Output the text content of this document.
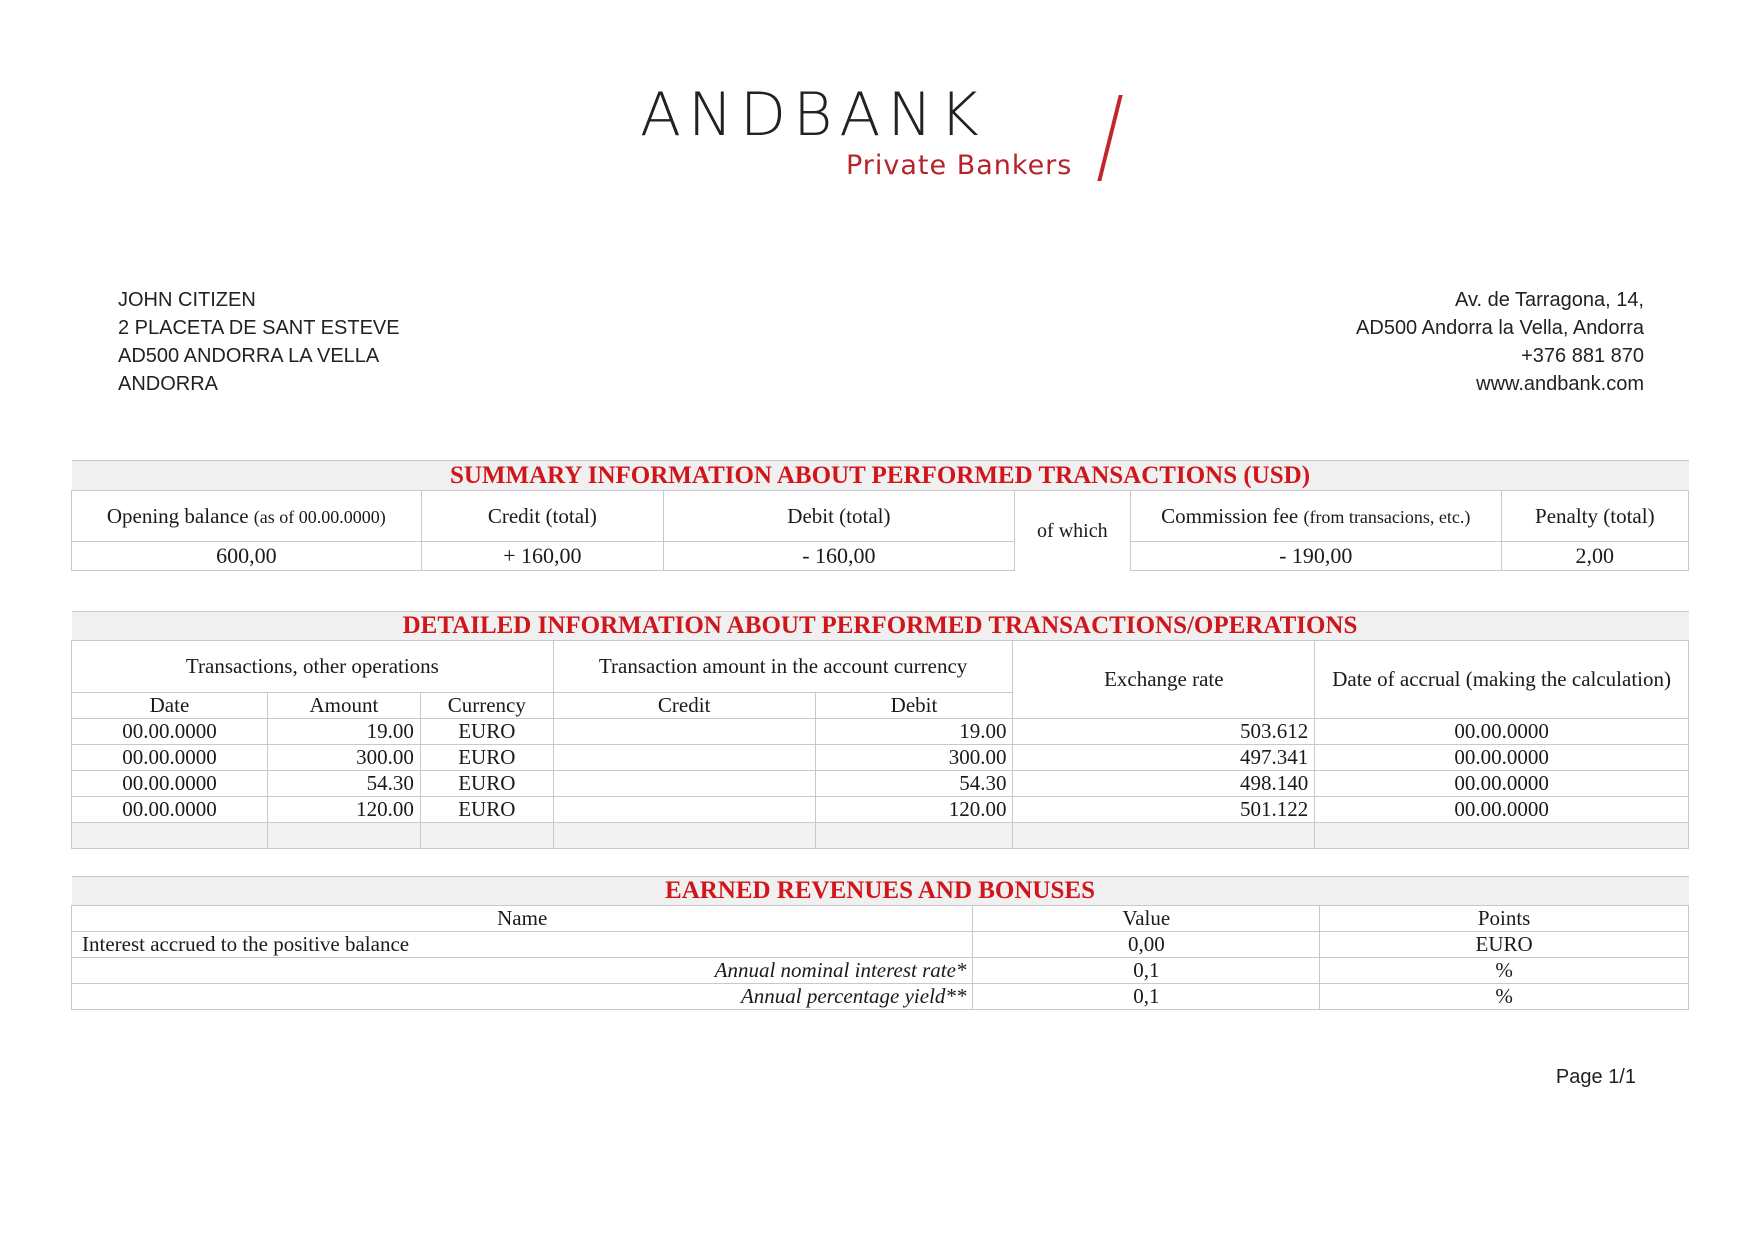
ANDBANK
Private Bankers
JOHN CITIZEN
2 PLACETA DE SANT ESTEVE
AD500 ANDORRA LA VELLA
ANDORRA
Av. de Tarragona, 14,
AD500 Andorra la Vella, Andorra
+376 881 870
www.andbank.com
SUMMARY INFORMATION ABOUT PERFORMED TRANSACTIONS (USD)					
Opening balance (as of 00.00.0000)	Credit (total)	Debit (total)	of which	Commission fee (from transacions, etc.)	Penalty (total)
600,00	+ 160,00	- 160,00		- 190,00	2,00
DETAILED INFORMATION ABOUT PERFORMED TRANSACTIONS/OPERATIONS						
Transactions, other operations			Transaction amount in the account currency		Exchange rate	Date of accrual (making the calculation)
Date	Amount	Currency	Credit	Debit		
00.00.0000	19.00	EURO		19.00	503.612	00.00.0000
00.00.0000	300.00	EURO		300.00	497.341	00.00.0000
00.00.0000	54.30	EURO		54.30	498.140	00.00.0000
00.00.0000	120.00	EURO		120.00	501.122	00.00.0000

EARNED REVENUES AND BONUSES		
Name	Value	Points
Interest accrued to the positive balance	0,00	EURO
Annual nominal interest rate*	0,1	%
Annual percentage yield**	0,1	%
Page 1/1
